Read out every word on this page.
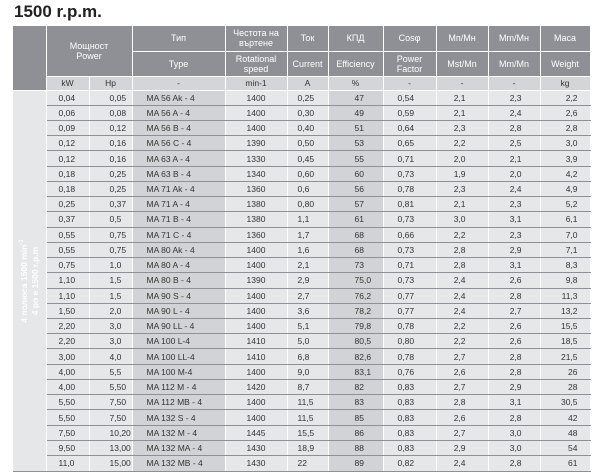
1500 r.p.m.

	Мощност
Power		Тип	Честота на въртене	Ток	КПД	Cosφ	Мп/Мн	Мm/Мн	Маса
			Type	Rotational speed	Current	Efficiency	Power Factor	Mst/Mn	Mm/Mn	Weight
	kW	Hp	-	min-1	A	%	-	-	-	kg

4 полюса 1500 $\min^{-1}$
4 po e 1500 r.p.m	0,04	0,05	MA 56 Ak - 4	1400	0,25	47	0,54	2,1	2,3	2,2
	0,06	0,08	MA 56 A - 4	1400	0,30	49	0,59	2,1	2,4	2,6
	0,09	0,12	MA 56 B - 4	1400	0,40	51	0,64	2,3	2,8	2,8
	0,12	0,16	MA 56 C - 4	1390	0,50	53	0,65	2,2	2,5	3,0
	0,12	0,16	MA 63 A - 4	1330	0,45	55	0,71	2,0	2,1	3,9
	0,18	0,25	MA 63 B - 4	1340	0,60	60	0,73	1,9	2,0	4,2
	0,18	0,25	MA 71 Ak - 4	1360	0,6	56	0,78	2,3	2,4	4,9
	0,25	0,37	MA 71 A - 4	1380	0,80	57	0,81	2,1	2,3	5,2
	0,37	0,5	MA 71 B - 4	1380	1,1	61	0,73	3,0	3,1	6,1
	0,55	0,75	MA 71 C - 4	1360	1,7	68	0,66	2,2	2,3	7,0
	0,55	0,75	MA 80 Ak - 4	1400	1,6	68	0,73	2,8	2,9	7,1
	0,75	1,0	MA 80 A - 4	1400	2,1	73	0,71	2,8	3,1	8,3
	1,10	1,5	MA 80 B - 4	1390	2,9	75,0	0,73	2,4	2,6	9,8
	1,10	1,5	MA 90 S - 4	1400	2,7	76,2	0,77	2,4	2,8	11,3
	1,50	2,0	MA 90 L - 4	1400	3,6	78,2	0,77	2,4	2,7	13,2
	2,20	3,0	MA 90 LL - 4	1400	5,1	79,8	0,78	2,2	2,6	15,5
	2,20	3,0	MA 100 L-4	1410	5,0	80,5	0,80	2,2	2,6	18,5
	3,00	4,0	MA 100 LL-4	1410	6,8	82,6	0,78	2,7	2,8	21,5
	4,00	5,5	MA 100 M-4	1400	9,0	83,1	0,76	2,6	2,8	26
	4,00	5,50	MA 112 M - 4	1420	8,7	82	0,83	2,7	2,9	28
	5,50	7,50	MA 112 MB - 4	1400	11,5	83	0,83	2,8	3,1	30,5
	5,50	7,50	MA 132 S - 4	1400	11,5	85	0,83	2,6	2,8	42
	7,50	10,20	MA 132 M - 4	1445	15,5	86	0,83	2,7	3,0	48
	9,50	13,00	MA 132 MA - 4	1430	18,9	88	0,83	2,9	3,0	54
	11,0	15,00	MA 132 MB - 4	1430	22	89	0,82	2,4	2,8	61
